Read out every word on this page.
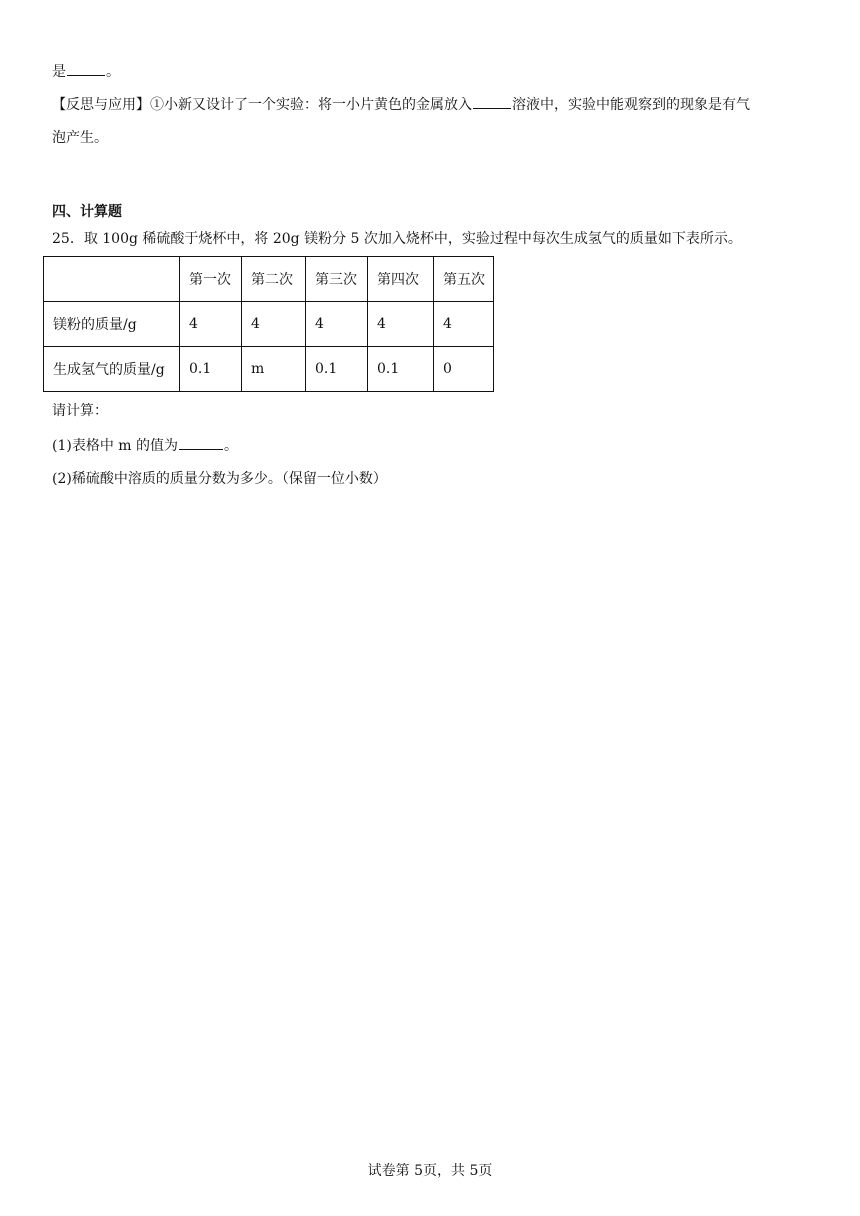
是	。
【反思与应用】①小新又设计了一个实验：将一小片黄色的金属放入	溶液中，实验中能观察到的现象是有气
泡产生。
四、计算题
25．取 100g 稀硫酸于烧杯中，将 20g 镁粉分 5 次加入烧杯中，实验过程中每次生成氢气的质量如下表所示。
	第一次	第二次	第三次	第四次	第五次
镁粉的质量/g	4	4	4	4	4
生成氢气的质量/g	0.1	m	0.1	0.1	0
请计算：
(1)表格中 m 的值为	。
(2)稀硫酸中溶质的质量分数为多少。（保留一位小数）
试卷第 5页，共 5页
